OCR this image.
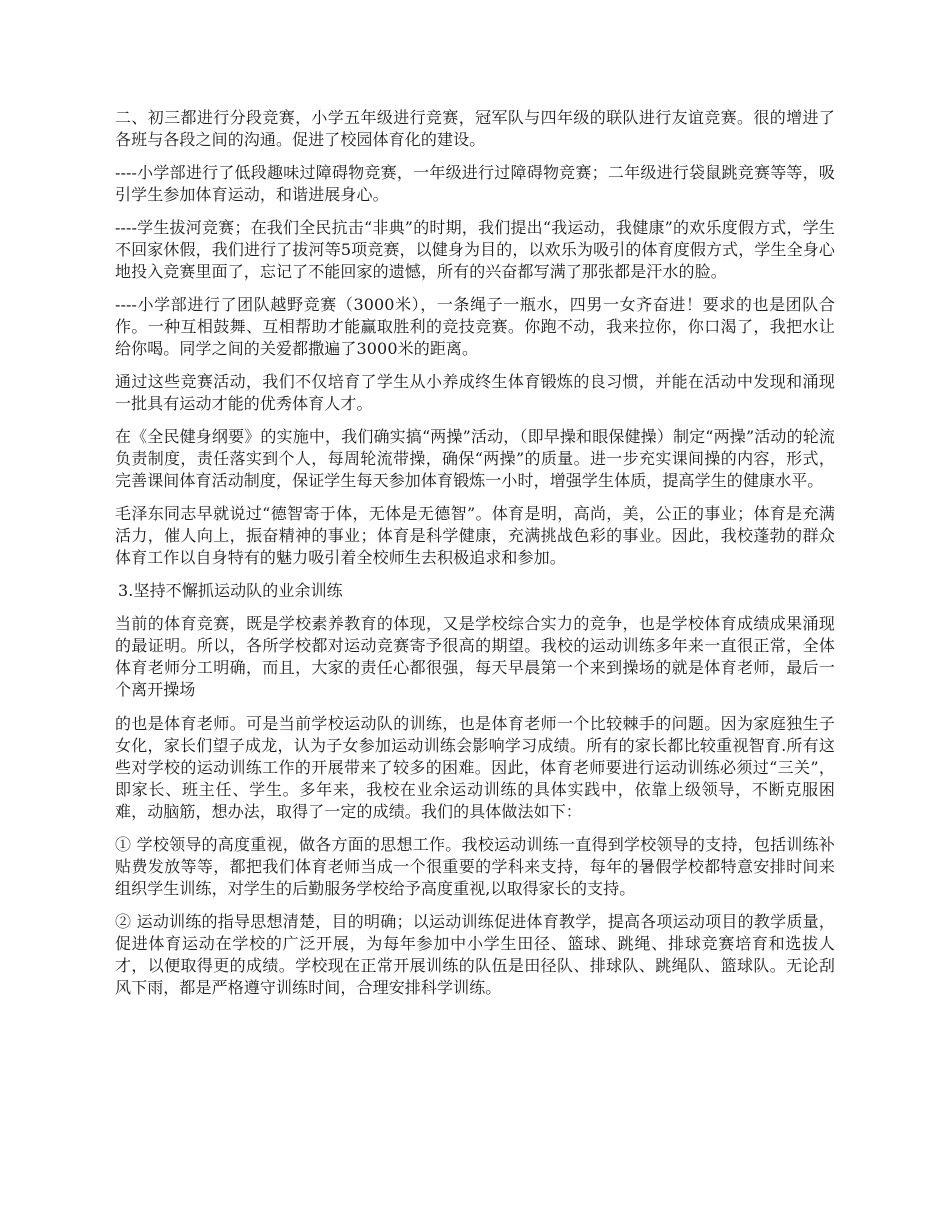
二、初三都进行分段竞赛，小学五年级进行竞赛，冠军队与四年级的联队进行友谊竞赛。很的增进了各班与各段之间的沟通。促进了校园体育化的建设。

----小学部进行了低段趣味过障碍物竞赛，一年级进行过障碍物竞赛；二年级进行袋鼠跳竞赛等等，吸引学生参加体育运动，和谐进展身心。

----学生拔河竞赛；在我们全民抗击“非典”的时期，我们提出“我运动，我健康”的欢乐度假方式，学生不回家休假，我们进行了拔河等5项竞赛，以健身为目的，以欢乐为吸引的体育度假方式，学生全身心地投入竞赛里面了，忘记了不能回家的遗憾，所有的兴奋都写满了那张都是汗水的脸。

----小学部进行了团队越野竞赛（3000米），一条绳子一瓶水，四男一女齐奋进！要求的也是团队合作。一种互相鼓舞、互相帮助才能赢取胜利的竞技竞赛。你跑不动，我来拉你，你口渴了，我把水让给你喝。同学之间的关爱都撒遍了3000米的距离。

通过这些竞赛活动，我们不仅培育了学生从小养成终生体育锻炼的良习惯，并能在活动中发现和涌现一批具有运动才能的优秀体育人才。

在《全民健身纲要》的实施中，我们确实搞“两操”活动，（即早操和眼保健操）制定“两操”活动的轮流负责制度，责任落实到个人，每周轮流带操，确保“两操”的质量。进一步充实课间操的内容，形式，完善课间体育活动制度，保证学生每天参加体育锻炼一小时，增强学生体质，提高学生的健康水平。

毛泽东同志早就说过“德智寄于体，无体是无德智”。体育是明，高尚，美，公正的事业；体育是充满活力，催人向上，振奋精神的事业；体育是科学健康，充满挑战色彩的事业。因此，我校蓬勃的群众体育工作以自身特有的魅力吸引着全校师生去积极追求和参加。

3.坚持不懈抓运动队的业余训练

当前的体育竞赛，既是学校素养教育的体现，又是学校综合实力的竞争，也是学校体育成绩成果涌现的最证明。所以，各所学校都对运动竞赛寄予很高的期望。我校的运动训练多年来一直很正常，全体体育老师分工明确，而且，大家的责任心都很强，每天早晨第一个来到操场的就是体育老师，最后一个离开操场

的也是体育老师。可是当前学校运动队的训练，也是体育老师一个比较棘手的问题。因为家庭独生子女化，家长们望子成龙，认为子女参加运动训练会影响学习成绩。所有的家长都比较重视智育.所有这些对学校的运动训练工作的开展带来了较多的困难。因此，体育老师要进行运动训练必须过“三关”，即家长、班主任、学生。多年来，我校在业余运动训练的具体实践中，依靠上级领导，不断克服困难，动脑筋，想办法，取得了一定的成绩。我们的具体做法如下：

① 学校领导的高度重视，做各方面的思想工作。我校运动训练一直得到学校领导的支持，包括训练补贴费发放等等，都把我们体育老师当成一个很重要的学科来支持，每年的暑假学校都特意安排时间来组织学生训练，对学生的后勤服务学校给予高度重视,以取得家长的支持。

② 运动训练的指导思想清楚，目的明确；以运动训练促进体育教学，提高各项运动项目的教学质量，促进体育运动在学校的广泛开展，为每年参加中小学生田径、篮球、跳绳、排球竞赛培育和选拔人才，以便取得更的成绩。学校现在正常开展训练的队伍是田径队、排球队、跳绳队、篮球队。无论刮风下雨，都是严格遵守训练时间，合理安排科学训练。
